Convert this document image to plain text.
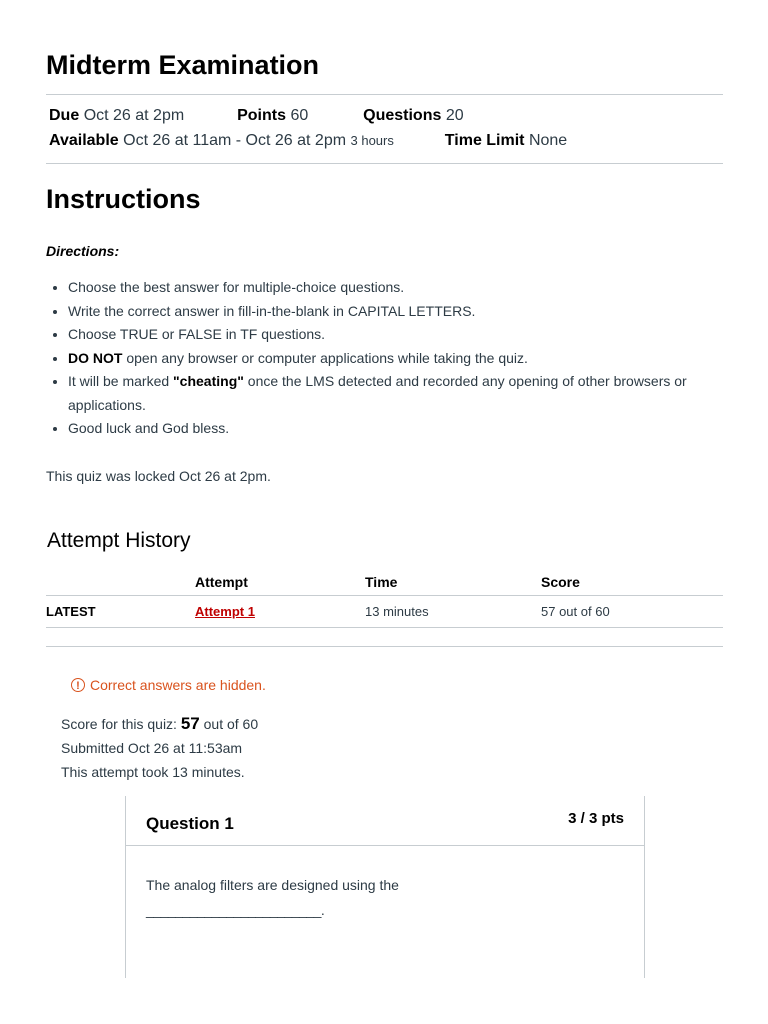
Midterm Examination
Due Oct 26 at 2pm	Points 60	Questions 20
Available Oct 26 at 11am - Oct 26 at 2pm 3 hours	Time Limit None
Instructions
Directions:
• Choose the best answer for multiple-choice questions.
• Write the correct answer in fill-in-the-blank in CAPITAL LETTERS.
• Choose TRUE or FALSE in TF questions.
• DO NOT open any browser or computer applications while taking the quiz.
• It will be marked "cheating" once the LMS detected and recorded any opening of other browsers or applications.
• Good luck and God bless.
This quiz was locked Oct 26 at 2pm.
Attempt History
	Attempt	Time	Score
LATEST	Attempt 1	13 minutes	57 out of 60
! Correct answers are hidden.
Score for this quiz: 57 out of 60
Submitted Oct 26 at 11:53am
This attempt took 13 minutes.
Question 1	3 / 3 pts
The analog filters are designed using the
________________________.
